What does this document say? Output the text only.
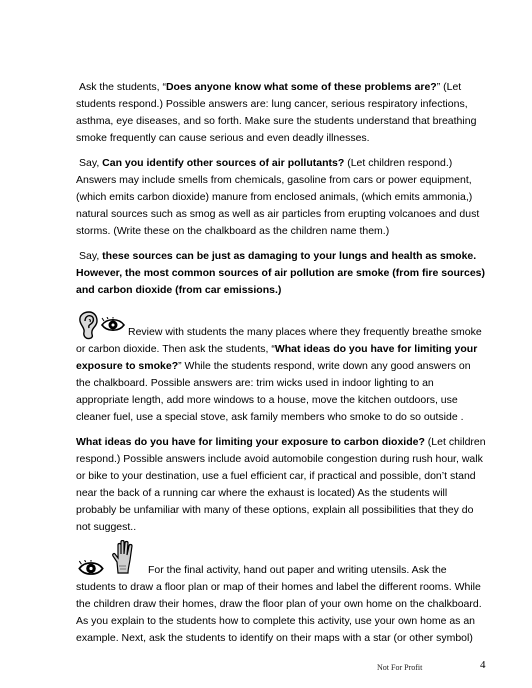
Ask the students, “Does anyone know what some of these problems are?” (Let students respond.) Possible answers are: lung cancer, serious respiratory infections, asthma, eye diseases, and so forth. Make sure the students understand that breathing smoke frequently can cause serious and even deadly illnesses.

Say, Can you identify other sources of air pollutants? (Let children respond.) Answers may include smells from chemicals, gasoline from cars or power equipment, (which emits carbon dioxide) manure from enclosed animals, (which emits ammonia,) natural sources such as smog as well as air particles from erupting volcanoes and dust storms. (Write these on the chalkboard as the children name them.)

Say, these sources can be just as damaging to your lungs and health as smoke. However, the most common sources of air pollution are smoke (from fire sources) and carbon dioxide (from car emissions.)

Review with students the many places where they frequently breathe smoke or carbon dioxide. Then ask the students, “What ideas do you have for limiting your exposure to smoke?” While the students respond, write down any good answers on the chalkboard. Possible answers are: trim wicks used in indoor lighting to an appropriate length, add more windows to a house, move the kitchen outdoors, use cleaner fuel, use a special stove, ask family members who smoke to do so outside .

What ideas do you have for limiting your exposure to carbon dioxide? (Let children respond.) Possible answers include avoid automobile congestion during rush hour, walk or bike to your destination, use a fuel efficient car, if practical and possible, don’t stand near the back of a running car where the exhaust is located) As the students will probably be unfamiliar with many of these options, explain all possibilities that they do not suggest..

For the final activity, hand out paper and writing utensils. Ask the students to draw a floor plan or map of their homes and label the different rooms. While the children draw their homes, draw the floor plan of your own home on the chalkboard. As you explain to the students how to complete this activity, use your own home as an example. Next, ask the students to identify on their maps with a star (or other symbol)

Not For Profit	4
